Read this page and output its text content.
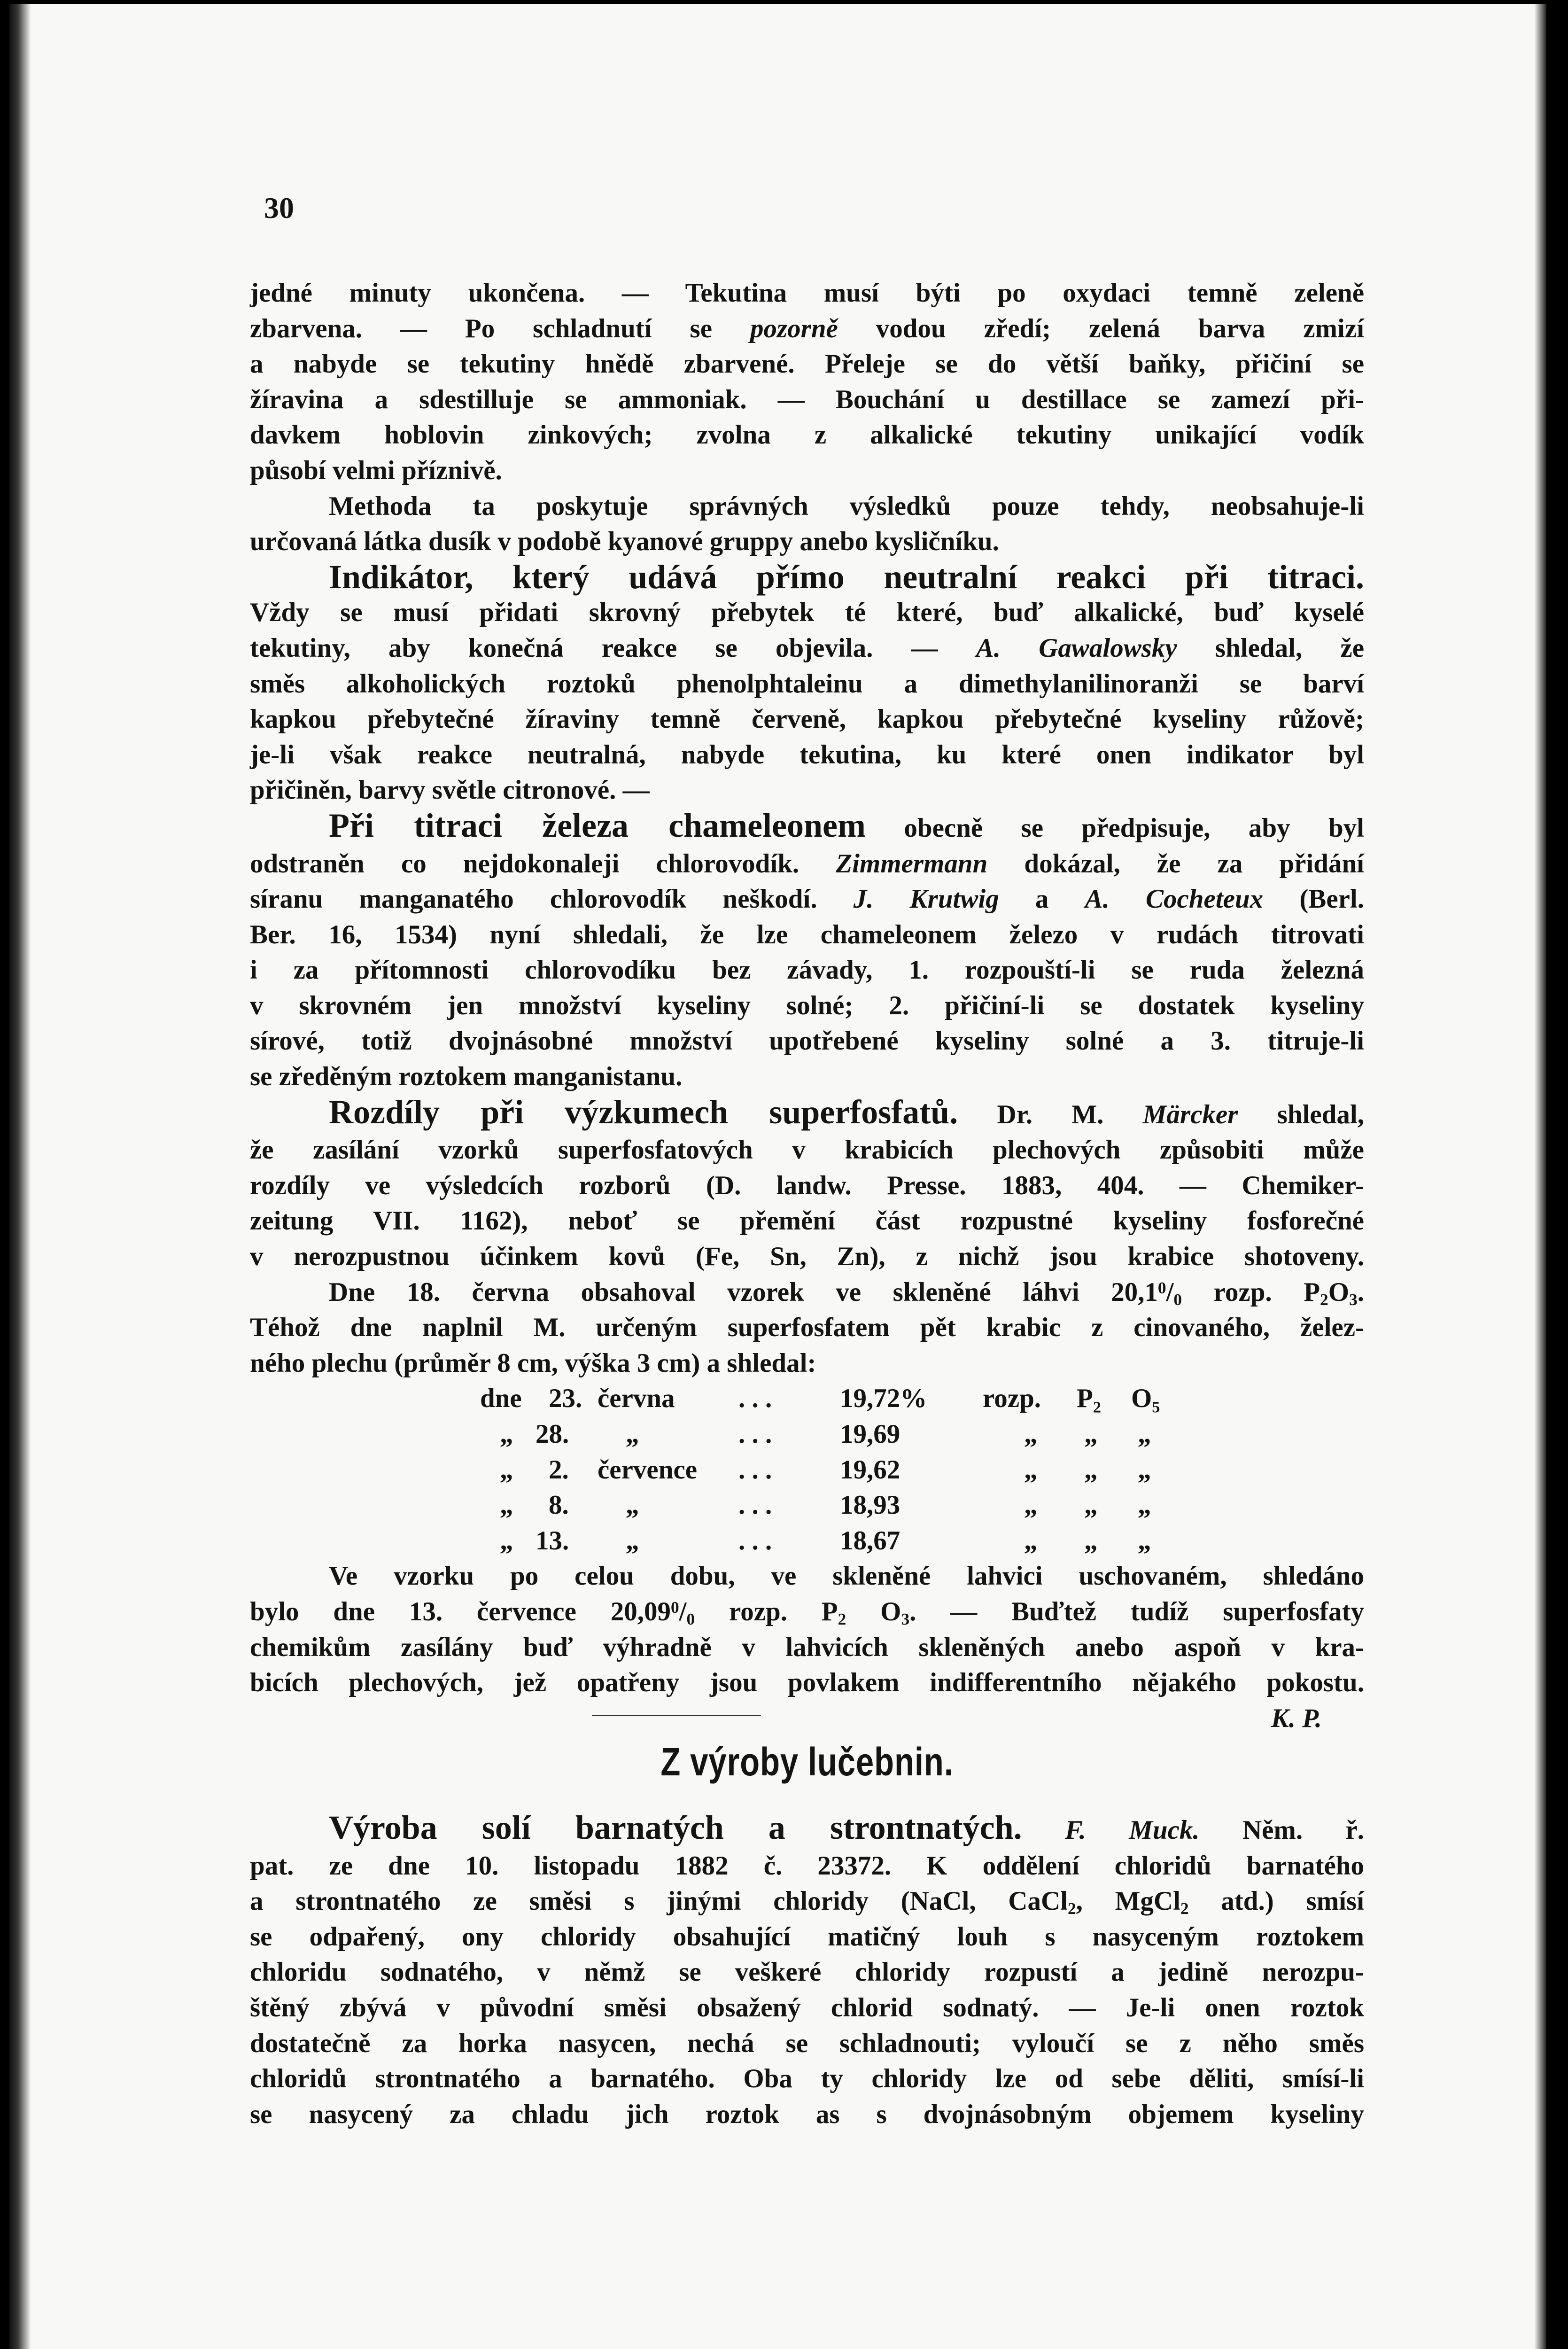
30
jedné minuty ukončena. — Tekutina musí býti po oxydaci temně zeleně
zbarvena. — Po schladnutí se pozorně vodou zředí; zelená barva zmizí
a nabyde se tekutiny hnědě zbarvené. Přeleje se do větší baňky, přičiní se
žíravina a sdestilluje se ammoniak. — Bouchání u destillace se zamezí při-
davkem hoblovin zinkových; zvolna z alkalické tekutiny unikající vodík
působí velmi příznivě.
Methoda ta poskytuje správných výsledků pouze tehdy, neobsahuje-li
určovaná látka dusík v podobě kyanové gruppy anebo kysličníku.
Indikátor, který udává přímo neutralní reakci při titraci.
Vždy se musí přidati skrovný přebytek té které, buď alkalické, buď kyselé
tekutiny, aby konečná reakce se objevila. — A. Gawalowsky shledal, že
směs alkoholických roztoků phenolphtaleinu a dimethylanilinoranži se barví
kapkou přebytečné žíraviny temně červeně, kapkou přebytečné kyseliny růžově;
je-li však reakce neutralná, nabyde tekutina, ku které onen indikator byl
přičiněn, barvy světle citronové. —
Při titraci železa chameleonem obecně se předpisuje, aby byl
odstraněn co nejdokonaleji chlorovodík. Zimmermann dokázal, že za přidání
síranu manganatého chlorovodík neškodí. J. Krutwig a A. Cocheteux (Berl.
Ber. 16, 1534) nyní shledali, že lze chameleonem železo v rudách titrovati
i za přítomnosti chlorovodíku bez závady, 1. rozpouští-li se ruda železná
v skrovném jen množství kyseliny solné; 2. přičiní-li se dostatek kyseliny
sírové, totiž dvojnásobné množství upotřebené kyseliny solné a 3. titruje-li
se zředěným roztokem manganistanu.
Rozdíly při výzkumech superfosfatů. Dr. M. Märcker shledal,
že zasílání vzorků superfosfatových v krabicích plechových způsobiti může
rozdíly ve výsledcích rozborů (D. landw. Presse. 1883, 404. — Chemiker-
zeitung VII. 1162), neboť se přemění část rozpustné kyseliny fosforečné
v nerozpustnou účinkem kovů (Fe, Sn, Zn), z nichž jsou krabice shotoveny.
Dne 18. června obsahoval vzorek ve skleněné láhvi $20,1^0/_0$ rozp. $P_2O_3$.
Téhož dne naplnil M. určeným superfosfatem pět krabic z cinovaného, želez-
ného plechu (průměr 8 cm, výška 3 cm) a shledal:
dne 23. června . . .	19,72% rozp. P₂ O₅
„ 28. „	. . .	19,69	„ „ „
„ 2. července . . .	19,62	„ „ „
„ 8. „	. . .	18,93	„ „ „
„ 13. „	. . .	18,67	„ „ „
Ve vzorku po celou dobu, ve skleněné lahvici uschovaném, shledáno
bylo dne 13. července $20,09^0/_0$ rozp. $P_2$ $O_3$. — Buďtež tudíž superfosfaty
chemikům zasílány buď výhradně v lahvicích skleněných anebo aspoň v kra-
bicích plechových, jež opatřeny jsou povlakem indifferentního nějakého pokostu.
K. P.
Z výroby lučebnin.
Výroba solí barnatých a strontnatých. F. Muck. Něm. ř.
pat. ze dne 10. listopadu 1882 č. 23372. K oddělení chloridů barnatého
a strontnatého ze směsi s jinými chloridy (NaCl, CaCl$_2$, MgCl$_2$ atd.) smísí
se odpařený, ony chloridy obsahující matičný louh s nasyceným roztokem
chloridu sodnatého, v němž se veškeré chloridy rozpustí a jedině nerozpu-
štěný zbývá v původní směsi obsažený chlorid sodnatý. — Je-li onen roztok
dostatečně za horka nasycen, nechá se schladnouti; vyloučí se z něho směs
chloridů strontnatého a barnatého. Oba ty chloridy lze od sebe děliti, smísí-li
se nasycený za chladu jich roztok as s dvojnásobným objemem kyseliny
